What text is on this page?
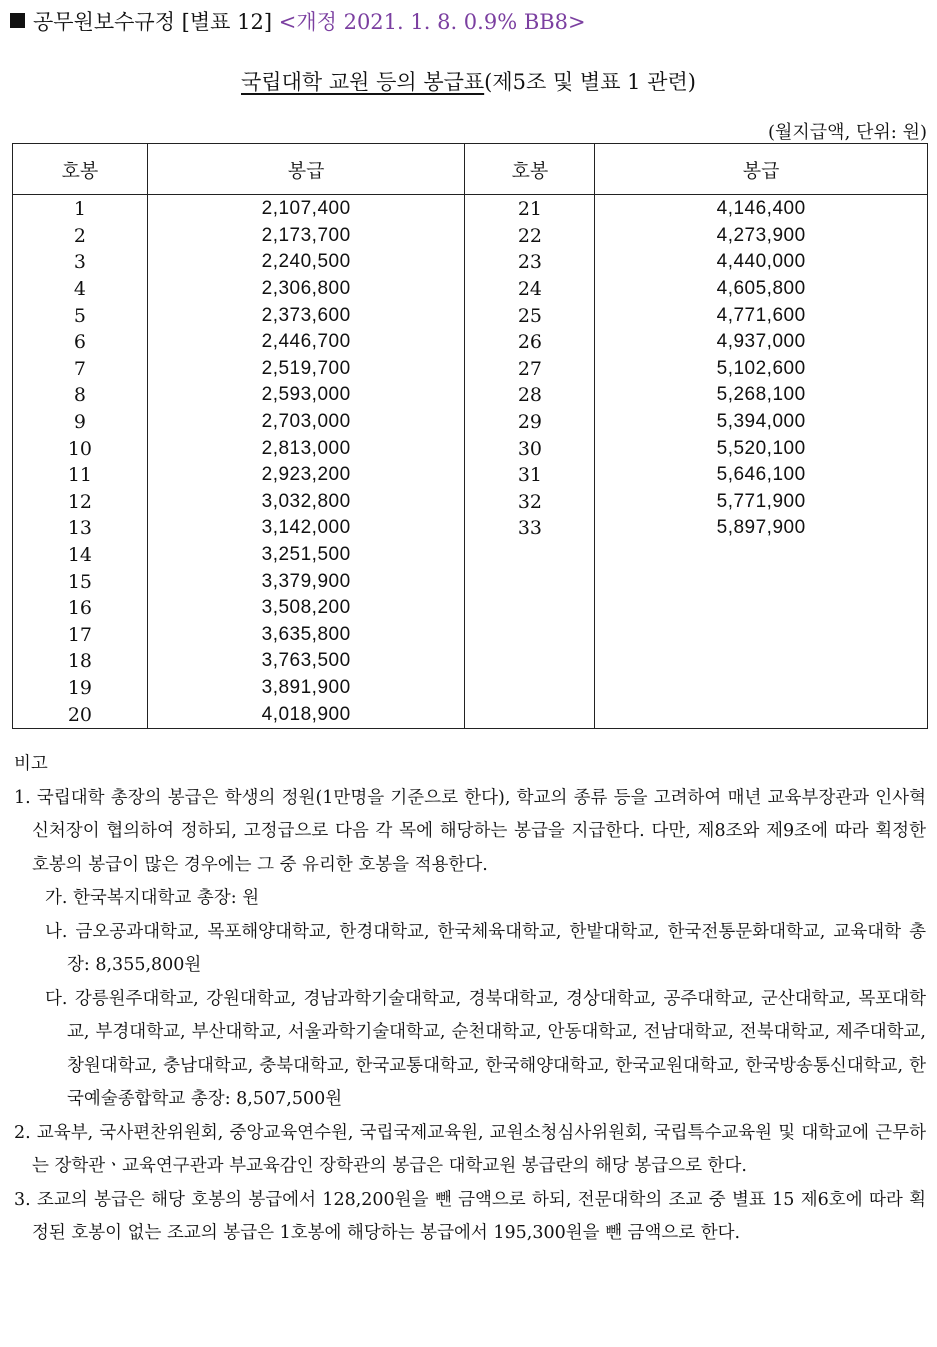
공무원보수규정 [별표 12] <개정 2021. 1. 8. 0.9% BB8>
국립대학 교원 등의 봉급표(제5조 및 별표 1 관련)
(월지급액, 단위: 원)
호봉	봉급	호봉	봉급
1	2,107,400	21	4,146,400
2	2,173,700	22	4,273,900
3	2,240,500	23	4,440,000
4	2,306,800	24	4,605,800
5	2,373,600	25	4,771,600
6	2,446,700	26	4,937,000
7	2,519,700	27	5,102,600
8	2,593,000	28	5,268,100
9	2,703,000	29	5,394,000
10	2,813,000	30	5,520,100
11	2,923,200	31	5,646,100
12	3,032,800	32	5,771,900
13	3,142,000	33	5,897,900
14	3,251,500		
15	3,379,900		
16	3,508,200		
17	3,635,800		
18	3,763,500		
19	3,891,900		
20	4,018,900		

비고

1. 국립대학 총장의 봉급은 학생의 정원(1만명을 기준으로 한다), 학교의 종류 등을 고려하여 매년 교육부장관과 인사혁신처장이 협의하여 정하되, 고정급으로 다음 각 목에 해당하는 봉급을 지급한다. 다만, 제8조와 제9조에 따라 획정한 호봉의 봉급이 많은 경우에는 그 중 유리한 호봉을 적용한다.

가. 한국복지대학교 총장: 원

나. 금오공과대학교, 목포해양대학교, 한경대학교, 한국체육대학교, 한밭대학교, 한국전통문화대학교, 교육대학 총장: 8,355,800원

다. 강릉원주대학교, 강원대학교, 경남과학기술대학교, 경북대학교, 경상대학교, 공주대학교, 군산대학교, 목포대학교, 부경대학교, 부산대학교, 서울과학기술대학교, 순천대학교, 안동대학교, 전남대학교, 전북대학교, 제주대학교, 창원대학교, 충남대학교, 충북대학교, 한국교통대학교, 한국해양대학교, 한국교원대학교, 한국방송통신대학교, 한국예술종합학교 총장: 8,507,500원

2. 교육부, 국사편찬위원회, 중앙교육연수원, 국립국제교육원, 교원소청심사위원회, 국립특수교육원 및 대학교에 근무하는 장학관ㆍ교육연구관과 부교육감인 장학관의 봉급은 대학교원 봉급란의 해당 봉급으로 한다.

3. 조교의 봉급은 해당 호봉의 봉급에서 128,200원을 뺀 금액으로 하되, 전문대학의 조교 중 별표 15 제6호에 따라 획정된 호봉이 없는 조교의 봉급은 1호봉에 해당하는 봉급에서 195,300원을 뺀 금액으로 한다.
